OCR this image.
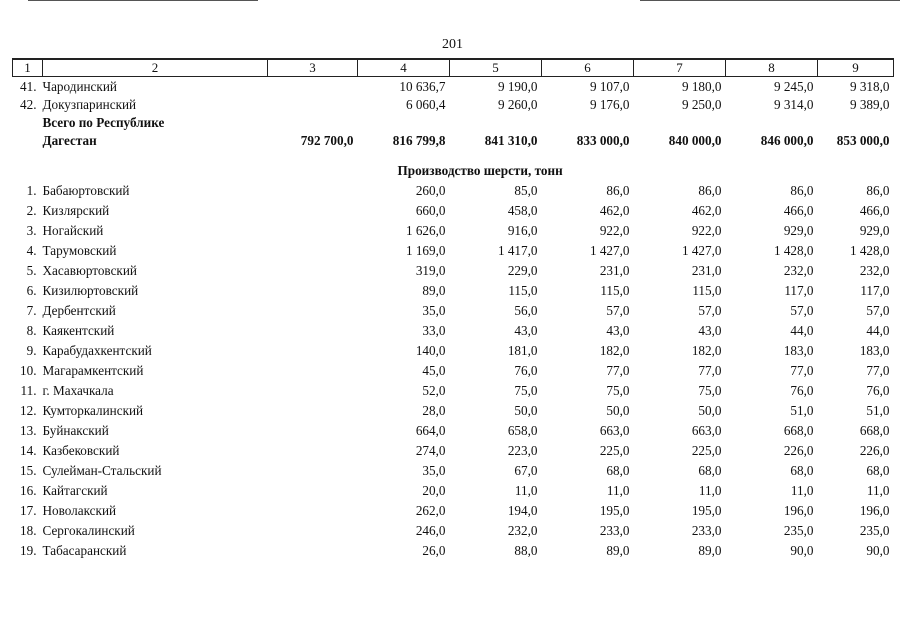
201
1	2	3	4	5	6	7	8	9
41.	Чародинский		10 636,7	9 190,0	9 107,0	9 180,0	9 245,0	9 318,0
42.	Докузпаринский		6 060,4	9 260,0	9 176,0	9 250,0	9 314,0	9 389,0
	Всего по Республике							
	Дагестан	792 700,0	816 799,8	841 310,0	833 000,0	840 000,0	846 000,0	853 000,0
			Производство шерсти, тонн					
1.	Бабаюртовский		260,0	85,0	86,0	86,0	86,0	86,0
2.	Кизлярский		660,0	458,0	462,0	462,0	466,0	466,0
3.	Ногайский		1 626,0	916,0	922,0	922,0	929,0	929,0
4.	Тарумовский		1 169,0	1 417,0	1 427,0	1 427,0	1 428,0	1 428,0
5.	Хасавюртовский		319,0	229,0	231,0	231,0	232,0	232,0
6.	Кизилюртовский		89,0	115,0	115,0	115,0	117,0	117,0
7.	Дербентский		35,0	56,0	57,0	57,0	57,0	57,0
8.	Каякентский		33,0	43,0	43,0	43,0	44,0	44,0
9.	Карабудахкентский		140,0	181,0	182,0	182,0	183,0	183,0
10.	Магарамкентский		45,0	76,0	77,0	77,0	77,0	77,0
11.	г. Махачкала		52,0	75,0	75,0	75,0	76,0	76,0
12.	Кумторкалинский		28,0	50,0	50,0	50,0	51,0	51,0
13.	Буйнакский		664,0	658,0	663,0	663,0	668,0	668,0
14.	Казбековский		274,0	223,0	225,0	225,0	226,0	226,0
15.	Сулейман-Стальский		35,0	67,0	68,0	68,0	68,0	68,0
16.	Кайтагский		20,0	11,0	11,0	11,0	11,0	11,0
17.	Новолакский		262,0	194,0	195,0	195,0	196,0	196,0
18.	Сергокалинский		246,0	232,0	233,0	233,0	235,0	235,0
19.	Табасаранский		26,0	88,0	89,0	89,0	90,0	90,0
